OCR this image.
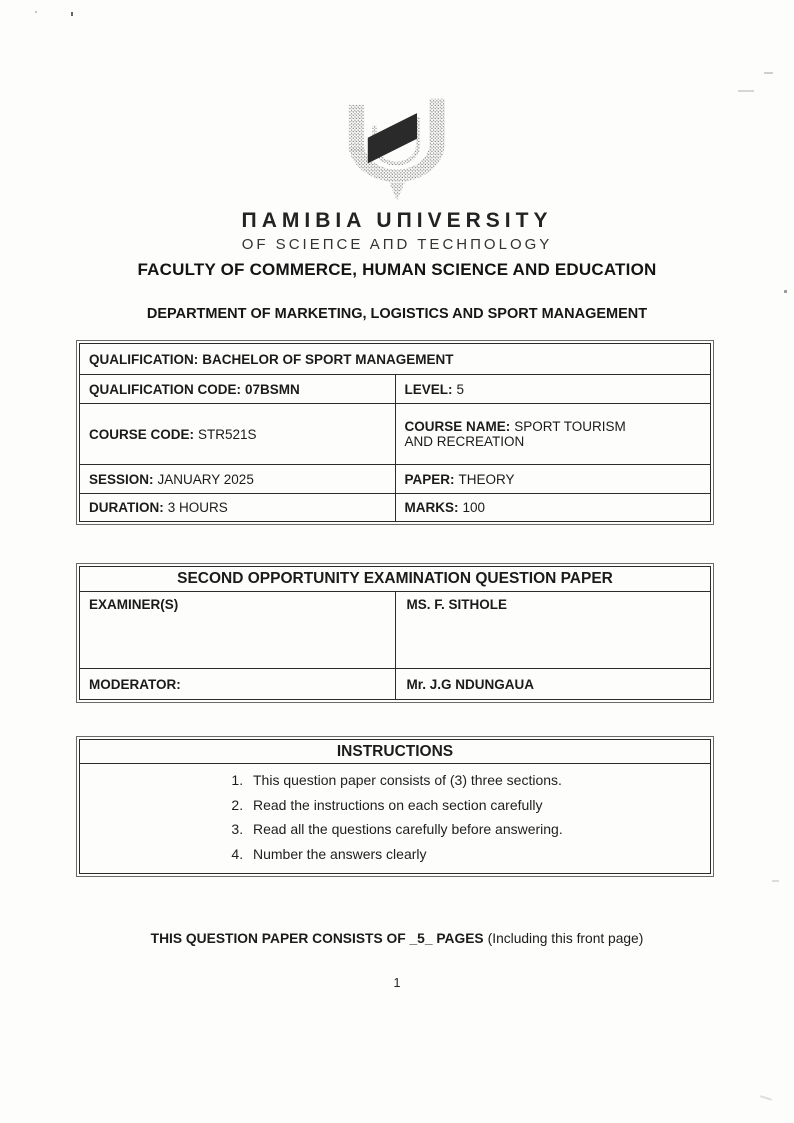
ΠAMIBIA UΠIVERSITY
OF SCIEΠCE AΠD TECHΠOLOGY
FACULTY OF COMMERCE, HUMAN SCIENCE AND EDUCATION
DEPARTMENT OF MARKETING, LOGISTICS AND SPORT MANAGEMENT
QUALIFICATION: BACHELOR OF SPORT MANAGEMENT	
QUALIFICATION CODE: 07BSMN	LEVEL: 5
COURSE CODE: STR521S	COURSE NAME: SPORT TOURISM AND RECREATION
SESSION: JANUARY 2025	PAPER: THEORY
DURATION: 3 HOURS	MARKS: 100
SECOND OPPORTUNITY EXAMINATION QUESTION PAPER	
EXAMINER(S)	MS. F. SITHOLE
MODERATOR:	Mr. J.G NDUNGAUA
INSTRUCTIONS

1. This question paper consists of (3) three sections.
2. Read the instructions on each section carefully
3. Read all the questions carefully before answering.
4. Number the answers clearly
THIS QUESTION PAPER CONSISTS OF _5_ PAGES (Including this front page)
1
